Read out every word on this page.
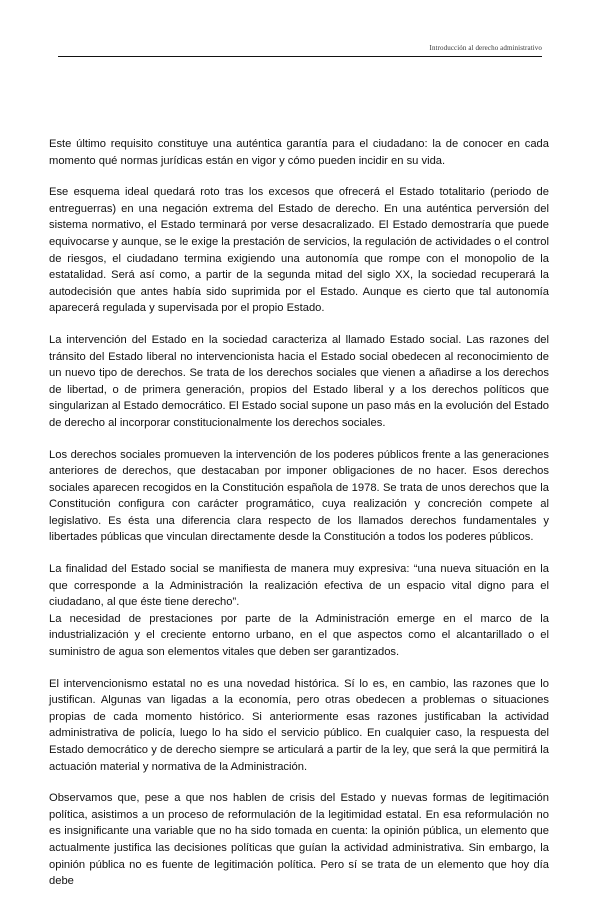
Introducción al derecho administrativo

Este último requisito constituye una auténtica garantía para el ciudadano: la de conocer en cada momento qué normas jurídicas están en vigor y cómo pueden incidir en su vida.

Ese esquema ideal quedará roto tras los excesos que ofrecerá el Estado totalitario (periodo de entreguerras) en una negación extrema del Estado de derecho. En una auténtica perversión del sistema normativo, el Estado terminará por verse desacralizado. El Estado demostraría que puede equivocarse y aunque, se le exige la prestación de servicios, la regulación de actividades o el control de riesgos, el ciudadano termina exigiendo una autonomía que rompe con el monopolio de la estatalidad. Será así como, a partir de la segunda mitad del siglo XX, la sociedad recuperará la autodecisión que antes había sido suprimida por el Estado. Aunque es cierto que tal autonomía aparecerá regulada y supervisada por el propio Estado.

La intervención del Estado en la sociedad caracteriza al llamado Estado social. Las razones del tránsito del Estado liberal no intervencionista hacia el Estado social obedecen al reconocimiento de un nuevo tipo de derechos. Se trata de los derechos sociales que vienen a añadirse a los derechos de libertad, o de primera generación, propios del Estado liberal y a los derechos políticos que singularizan al Estado democrático. El Estado social supone un paso más en la evolución del Estado de derecho al incorporar constitucionalmente los derechos sociales.

Los derechos sociales promueven la intervención de los poderes públicos frente a las generaciones anteriores de derechos, que destacaban por imponer obligaciones de no hacer. Esos derechos sociales aparecen recogidos en la Constitución española de 1978. Se trata de unos derechos que la Constitución configura con carácter programático, cuya realización y concreción compete al legislativo. Es ésta una diferencia clara respecto de los llamados derechos fundamentales y libertades públicas que vinculan directamente desde la Constitución a todos los poderes públicos.

La finalidad del Estado social se manifiesta de manera muy expresiva: “una nueva situación en la que corresponde a la Administración la realización efectiva de un espacio vital digno para el ciudadano, al que éste tiene derecho”.

La necesidad de prestaciones por parte de la Administración emerge en el marco de la industrialización y el creciente entorno urbano, en el que aspectos como el alcantarillado o el suministro de agua son elementos vitales que deben ser garantizados.

El intervencionismo estatal no es una novedad histórica. Sí lo es, en cambio, las razones que lo justifican. Algunas van ligadas a la economía, pero otras obedecen a problemas o situaciones propias de cada momento histórico. Si anteriormente esas razones justificaban la actividad administrativa de policía, luego lo ha sido el servicio público. En cualquier caso, la respuesta del Estado democrático y de derecho siempre se articulará a partir de la ley, que será la que permitirá la actuación material y normativa de la Administración.

Observamos que, pese a que nos hablen de crisis del Estado y nuevas formas de legitimación política, asistimos a un proceso de reformulación de la legitimidad estatal. En esa reformulación no es insignificante una variable que no ha sido tomada en cuenta: la opinión pública, un elemento que actualmente justifica las decisiones políticas que guían la actividad administrativa. Sin embargo, la opinión pública no es fuente de legitimación política. Pero sí se trata de un elemento que hoy día debe
